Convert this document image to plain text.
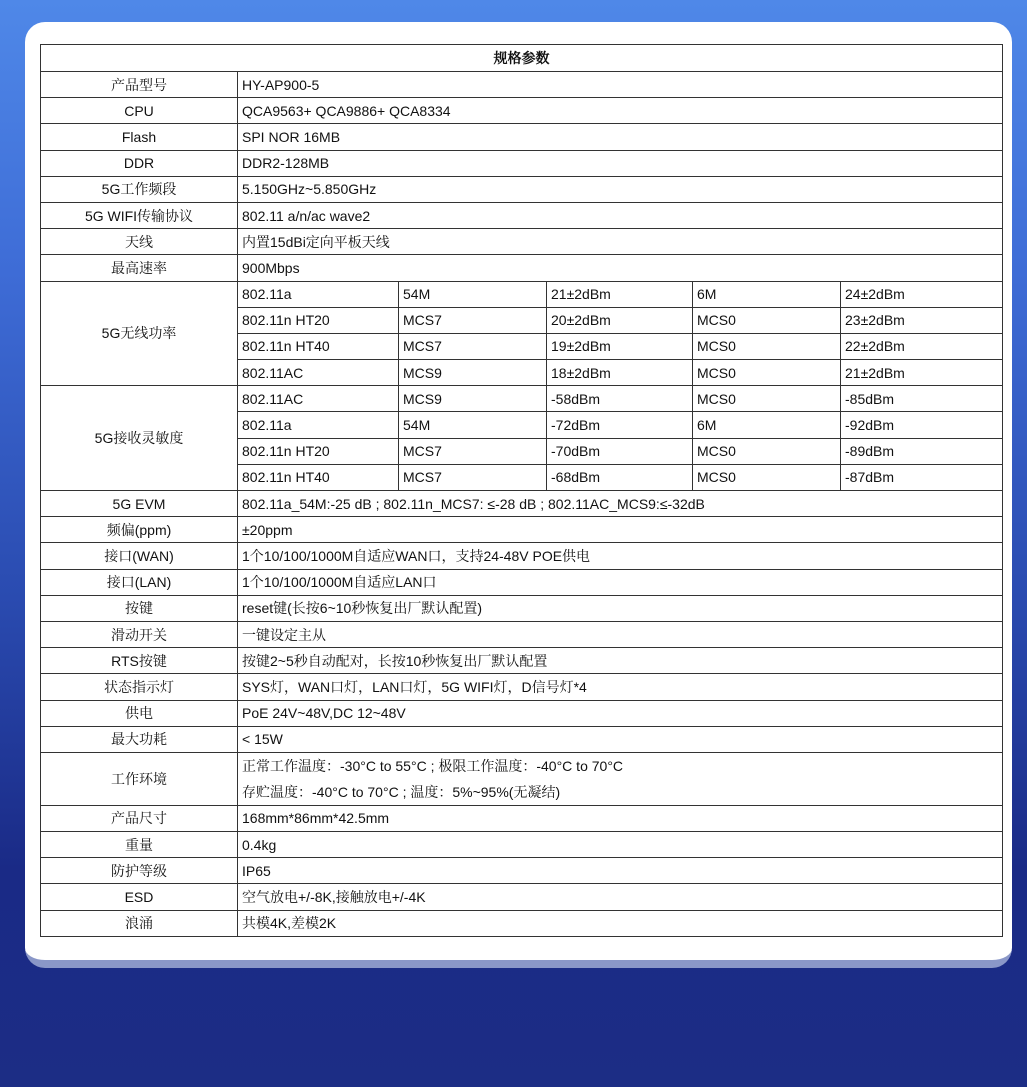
规格参数					
产品型号	HY-AP900-5				
CPU	QCA9563+ QCA9886+ QCA8334				
Flash	SPI NOR 16MB				
DDR	DDR2-128MB				
5G工作频段	5.150GHz~5.850GHz				
5G WIFI传输协议	802.11 a/n/ac wave2				
天线	内置15dBi定向平板天线				
最高速率	900Mbps				
5G无线功率	802.11a	54M	21±2dBm	6M	24±2dBm
	802.11n HT20	MCS7	20±2dBm	MCS0	23±2dBm
	802.11n HT40	MCS7	19±2dBm	MCS0	22±2dBm
	802.11AC	MCS9	18±2dBm	MCS0	21±2dBm
5G接收灵敏度	802.11AC	MCS9	-58dBm	MCS0	-85dBm
	802.11a	54M	-72dBm	6M	-92dBm
	802.11n HT20	MCS7	-70dBm	MCS0	-89dBm
	802.11n HT40	MCS7	-68dBm	MCS0	-87dBm
5G EVM	802.11a_54M:-25 dB ; 802.11n_MCS7: ≤-28 dB ; 802.11AC_MCS9:≤-32dB				
频偏(ppm)	±20ppm				
接口(WAN)	1个10/100/1000M自适应WAN口，支持24-48V POE供电				
接口(LAN)	1个10/100/1000M自适应LAN口				
按键	reset键(长按6~10秒恢复出厂默认配置)				
滑动开关	一键设定主从				
RTS按键	按键2~5秒自动配对，长按10秒恢复出厂默认配置				
状态指示灯	SYS灯，WAN口灯，LAN口灯，5G WIFI灯，D信号灯*4				
供电	PoE 24V~48V,DC 12~48V				
最大功耗	< 15W				
工作环境	正常工作温度：-30°C to 55°C ; 极限工作温度：-40°C to 70°C
存贮温度：-40°C to 70°C ; 温度：5%~95%(无凝结)				

产品尺寸	168mm*86mm*42.5mm				
重量	0.4kg				
防护等级	IP65				
ESD	空气放电+/-8K,接触放电+/-4K				
浪涌	共模4K,差模2K				
